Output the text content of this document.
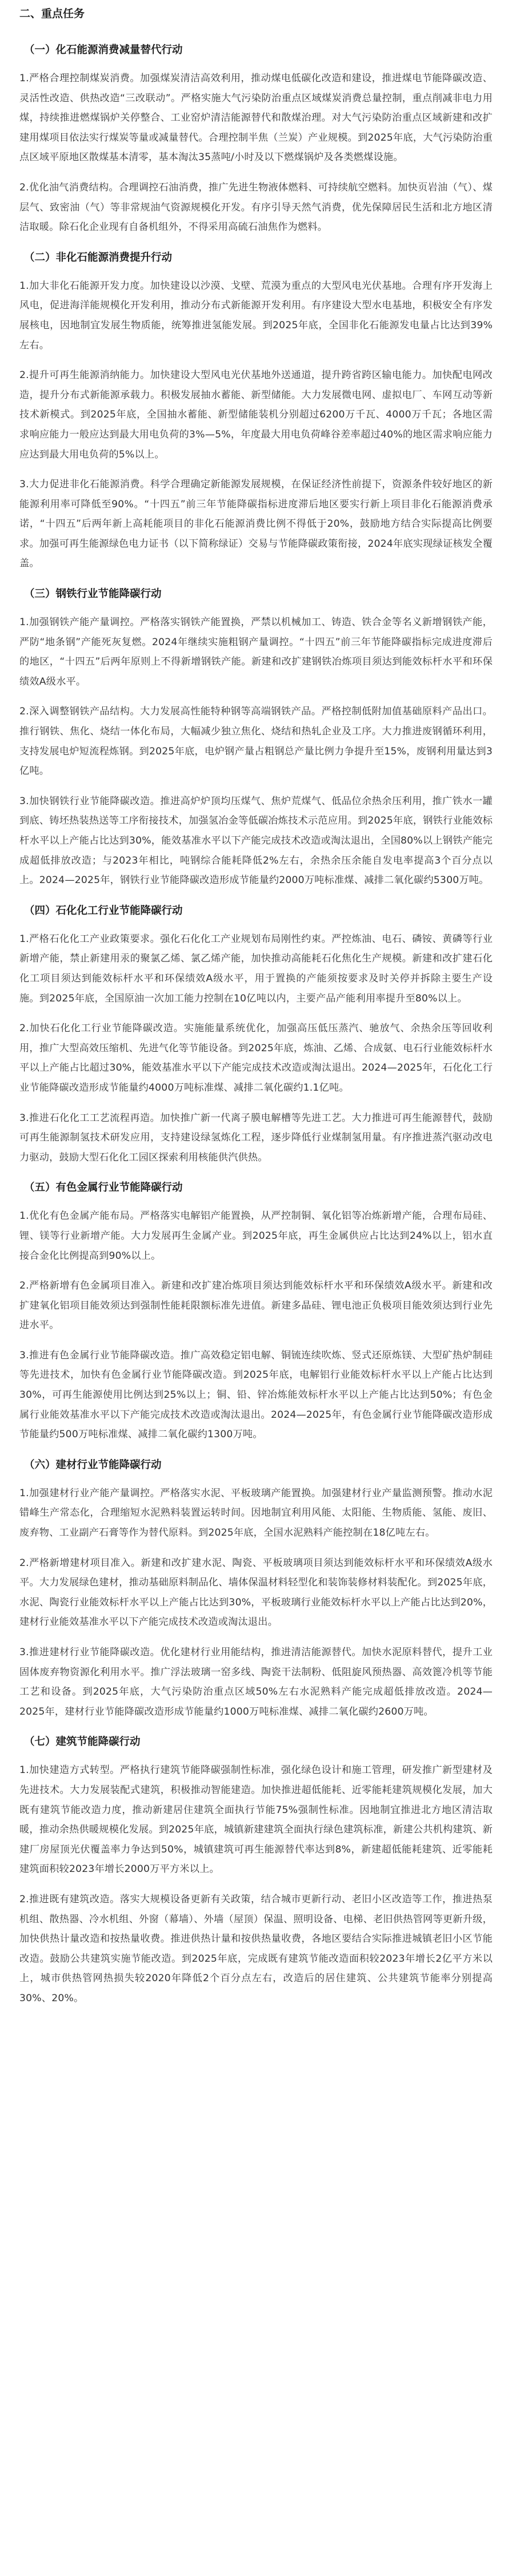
二、重点任务
（一）化石能源消费减量替代行动

1.严格合理控制煤炭消费。加强煤炭清洁高效利用，推动煤电低碳化改造和建设，推进煤电节能降碳改造、灵活性改造、供热改造“三改联动”。严格实施大气污染防治重点区域煤炭消费总量控制，重点削减非电力用煤，持续推进燃煤锅炉关停整合、工业窑炉清洁能源替代和散煤治理。对大气污染防治重点区域新建和改扩建用煤项目依法实行煤炭等量或减量替代。合理控制半焦（兰炭）产业规模。到2025年底，大气污染防治重点区域平原地区散煤基本清零，基本淘汰35蒸吨/小时及以下燃煤锅炉及各类燃煤设施。

2.优化油气消费结构。合理调控石油消费，推广先进生物液体燃料、可持续航空燃料。加快页岩油（气）、煤层气、致密油（气）等非常规油气资源规模化开发。有序引导天然气消费，优先保障居民生活和北方地区清洁取暖。除石化企业现有自备机组外，不得采用高硫石油焦作为燃料。

（二）非化石能源消费提升行动

1.加大非化石能源开发力度。加快建设以沙漠、戈壁、荒漠为重点的大型风电光伏基地。合理有序开发海上风电，促进海洋能规模化开发利用，推动分布式新能源开发利用。有序建设大型水电基地，积极安全有序发展核电，因地制宜发展生物质能，统筹推进氢能发展。到2025年底，全国非化石能源发电量占比达到39%左右。

2.提升可再生能源消纳能力。加快建设大型风电光伏基地外送通道，提升跨省跨区输电能力。加快配电网改造，提升分布式新能源承载力。积极发展抽水蓄能、新型储能。大力发展微电网、虚拟电厂、车网互动等新技术新模式。到2025年底，全国抽水蓄能、新型储能装机分别超过6200万千瓦、4000万千瓦；各地区需求响应能力一般应达到最大用电负荷的3%—5%，年度最大用电负荷峰谷差率超过40%的地区需求响应能力应达到最大用电负荷的5%以上。

3.大力促进非化石能源消费。科学合理确定新能源发展规模，在保证经济性前提下，资源条件较好地区的新能源利用率可降低至90%。“十四五”前三年节能降碳指标进度滞后地区要实行新上项目非化石能源消费承诺，“十四五”后两年新上高耗能项目的非化石能源消费比例不得低于20%，鼓励地方结合实际提高比例要求。加强可再生能源绿色电力证书（以下简称绿证）交易与节能降碳政策衔接，2024年底实现绿证核发全覆盖。

（三）钢铁行业节能降碳行动

1.加强钢铁产能产量调控。严格落实钢铁产能置换，严禁以机械加工、铸造、铁合金等名义新增钢铁产能，严防“地条钢”产能死灰复燃。2024年继续实施粗钢产量调控。“十四五”前三年节能降碳指标完成进度滞后的地区，“十四五”后两年原则上不得新增钢铁产能。新建和改扩建钢铁冶炼项目须达到能效标杆水平和环保绩效A级水平。

2.深入调整钢铁产品结构。大力发展高性能特种钢等高端钢铁产品。严格控制低附加值基础原料产品出口。推行钢铁、焦化、烧结一体化布局，大幅减少独立焦化、烧结和热轧企业及工序。大力推进废钢循环利用，支持发展电炉短流程炼钢。到2025年底，电炉钢产量占粗钢总产量比例力争提升至15%，废钢利用量达到3亿吨。

3.加快钢铁行业节能降碳改造。推进高炉炉顶均压煤气、焦炉荒煤气、低品位余热余压利用，推广铁水一罐到底、铸坯热装热送等工序衔接技术，加强氢冶金等低碳冶炼技术示范应用。到2025年底，钢铁行业能效标杆水平以上产能占比达到30%，能效基准水平以下产能完成技术改造或淘汰退出，全国80%以上钢铁产能完成超低排放改造；与2023年相比，吨钢综合能耗降低2%左右，余热余压余能自发电率提高3个百分点以上。2024—2025年，钢铁行业节能降碳改造形成节能量约2000万吨标准煤、减排二氧化碳约5300万吨。

（四）石化化工行业节能降碳行动

1.严格石化化工产业政策要求。强化石化化工产业规划布局刚性约束。严控炼油、电石、磷铵、黄磷等行业新增产能，禁止新建用汞的聚氯乙烯、氯乙烯产能，加快推动高能耗石化焦化生产规模。新建和改扩建石化化工项目须达到能效标杆水平和环保绩效A级水平，用于置换的产能须按要求及时关停并拆除主要生产设施。到2025年底，全国原油一次加工能力控制在10亿吨以内，主要产品产能利用率提升至80%以上。

2.加快石化化工行业节能降碳改造。实施能量系统优化，加强高压低压蒸汽、驰放气、余热余压等回收利用，推广大型高效压缩机、先进气化等节能设备。到2025年底，炼油、乙烯、合成氨、电石行业能效标杆水平以上产能占比超过30%，能效基准水平以下产能完成技术改造或淘汰退出。2024—2025年，石化化工行业节能降碳改造形成节能量约4000万吨标准煤、减排二氧化碳约1.1亿吨。

3.推进石化化工工艺流程再造。加快推广新一代离子膜电解槽等先进工艺。大力推进可再生能源替代，鼓励可再生能源制氢技术研发应用，支持建设绿氢炼化工程，逐步降低行业煤制氢用量。有序推进蒸汽驱动改电力驱动，鼓励大型石化化工园区探索利用核能供汽供热。

（五）有色金属行业节能降碳行动

1.优化有色金属产能布局。严格落实电解铝产能置换，从严控制铜、氧化铝等冶炼新增产能，合理布局硅、锂、镁等行业新增产能。大力发展再生金属产业。到2025年底，再生金属供应占比达到24%以上，铝水直接合金化比例提高到90%以上。

2.严格新增有色金属项目准入。新建和改扩建冶炼项目须达到能效标杆水平和环保绩效A级水平。新建和改扩建氧化铝项目能效须达到强制性能耗限额标准先进值。新建多晶硅、锂电池正负极项目能效须达到行业先进水平。

3.推进有色金属行业节能降碳改造。推广高效稳定铝电解、铜锍连续吹炼、竖式还原炼镁、大型矿热炉制硅等先进技术，加快有色金属行业节能降碳改造。到2025年底，电解铝行业能效标杆水平以上产能占比达到30%，可再生能源使用比例达到25%以上；铜、铅、锌冶炼能效标杆水平以上产能占比达到50%；有色金属行业能效基准水平以下产能完成技术改造或淘汰退出。2024—2025年，有色金属行业节能降碳改造形成节能量约500万吨标准煤、减排二氧化碳约1300万吨。

（六）建材行业节能降碳行动

1.加强建材行业产能产量调控。严格落实水泥、平板玻璃产能置换。加强建材行业产量监测预警。推动水泥错峰生产常态化，合理缩短水泥熟料装置运转时间。因地制宜利用风能、太阳能、生物质能、氢能、废旧、废弃物、工业副产石膏等作为替代原料。到2025年底，全国水泥熟料产能控制在18亿吨左右。

2.严格新增建材项目准入。新建和改扩建水泥、陶瓷、平板玻璃项目须达到能效标杆水平和环保绩效A级水平。大力发展绿色建材，推动基础原料制品化、墙体保温材料轻型化和装饰装修材料装配化。到2025年底，水泥、陶瓷行业能效标杆水平以上产能占比达到30%，平板玻璃行业能效标杆水平以上产能占比达到20%，建材行业能效基准水平以下产能完成技术改造或淘汰退出。

3.推进建材行业节能降碳改造。优化建材行业用能结构，推进清洁能源替代。加快水泥原料替代，提升工业固体废弃物资源化利用水平。推广浮法玻璃一窑多线、陶瓷干法制粉、低阻旋风预热器、高效篦冷机等节能工艺和设备。到2025年底，大气污染防治重点区域50%左右水泥熟料产能完成超低排放改造。2024—2025年，建材行业节能降碳改造形成节能量约1000万吨标准煤、减排二氧化碳约2600万吨。

（七）建筑节能降碳行动

1.加快建造方式转型。严格执行建筑节能降碳强制性标准，强化绿色设计和施工管理，研发推广新型建材及先进技术。大力发展装配式建筑，积极推动智能建造。加快推进超低能耗、近零能耗建筑规模化发展，加大既有建筑节能改造力度，推动新建居住建筑全面执行节能75%强制性标准。因地制宜推进北方地区清洁取暖，推动余热供暖规模化发展。到2025年底，城镇新建建筑全面执行绿色建筑标准，新建公共机构建筑、新建厂房屋顶光伏覆盖率力争达到50%，城镇建筑可再生能源替代率达到8%，新建超低能耗建筑、近零能耗建筑面积较2023年增长2000万平方米以上。

2.推进既有建筑改造。落实大规模设备更新有关政策，结合城市更新行动、老旧小区改造等工作，推进热泵机组、散热器、冷水机组、外窗（幕墙）、外墙（屋顶）保温、照明设备、电梯、老旧供热管网等更新升级，加快供热计量改造和按热量收费。推进供热计量和按供热量收费，各地区要结合实际推进城镇老旧小区节能改造。鼓励公共建筑实施节能改造。到2025年底，完成既有建筑节能改造面积较2023年增长2亿平方米以上，城市供热管网热损失较2020年降低2个百分点左右，改造后的居住建筑、公共建筑节能率分别提高30%、20%。
